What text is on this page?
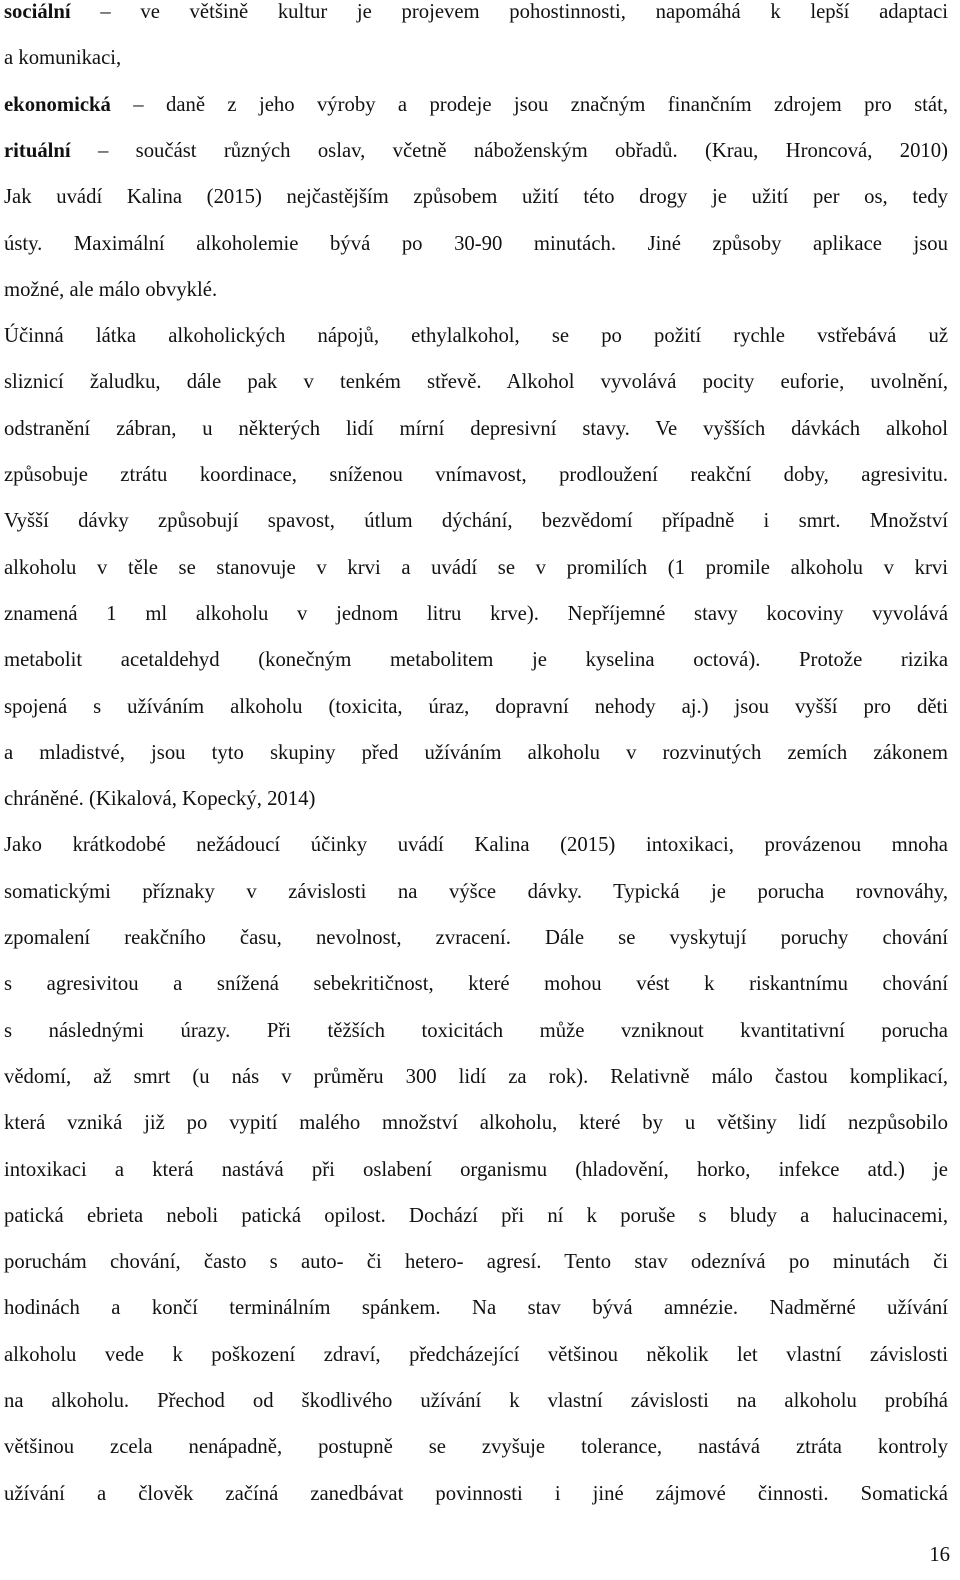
sociální – ve většině kultur je projevem pohostinnosti, napomáhá k lepší adaptaci
a komunikaci,
ekonomická – daně z jeho výroby a prodeje jsou značným finančním zdrojem pro stát,
rituální – součást různých oslav, včetně náboženským obřadů. (Krau, Hroncová, 2010)
Jak uvádí Kalina (2015) nejčastějším způsobem užití této drogy je užití per os, tedy
ústy. Maximální alkoholemie bývá po 30-90 minutách. Jiné způsoby aplikace jsou
možné, ale málo obvyklé.
Účinná látka alkoholických nápojů, ethylalkohol, se po požití rychle vstřebává už
sliznicí žaludku, dále pak v tenkém střevě. Alkohol vyvolává pocity euforie, uvolnění,
odstranění zábran, u některých lidí mírní depresivní stavy. Ve vyšších dávkách alkohol
způsobuje ztrátu koordinace, sníženou vnímavost, prodloužení reakční doby, agresivitu.
Vyšší dávky způsobují spavost, útlum dýchání, bezvědomí případně i smrt. Množství
alkoholu v těle se stanovuje v krvi a uvádí se v promilích (1 promile alkoholu v krvi
znamená 1 ml alkoholu v jednom litru krve). Nepříjemné stavy kocoviny vyvolává
metabolit acetaldehyd (konečným metabolitem je kyselina octová). Protože rizika
spojená s užíváním alkoholu (toxicita, úraz, dopravní nehody aj.) jsou vyšší pro děti
a mladistvé, jsou tyto skupiny před užíváním alkoholu v rozvinutých zemích zákonem
chráněné. (Kikalová, Kopecký, 2014)
Jako krátkodobé nežádoucí účinky uvádí Kalina (2015) intoxikaci, provázenou mnoha
somatickými příznaky v závislosti na výšce dávky. Typická je porucha rovnováhy,
zpomalení reakčního času, nevolnost, zvracení. Dále se vyskytují poruchy chování
s agresivitou a snížená sebekritičnost, které mohou vést k riskantnímu chování
s následnými úrazy. Při těžších toxicitách může vzniknout kvantitativní porucha
vědomí, až smrt (u nás v průměru 300 lidí za rok). Relativně málo častou komplikací,
která vzniká již po vypití malého množství alkoholu, které by u většiny lidí nezpůsobilo
intoxikaci a která nastává při oslabení organismu (hladovění, horko, infekce atd.) je
patická ebrieta neboli patická opilost. Dochází při ní k poruše s bludy a halucinacemi,
poruchám chování, často s auto- či hetero- agresí. Tento stav odeznívá po minutách či
hodinách a končí terminálním spánkem. Na stav bývá amnézie. Nadměrné užívání
alkoholu vede k poškození zdraví, předcházející většinou několik let vlastní závislosti
na alkoholu. Přechod od škodlivého užívání k vlastní závislosti na alkoholu probíhá
většinou zcela nenápadně, postupně se zvyšuje tolerance, nastává ztráta kontroly
užívání a člověk začíná zanedbávat povinnosti i jiné zájmové činnosti. Somatická
16
